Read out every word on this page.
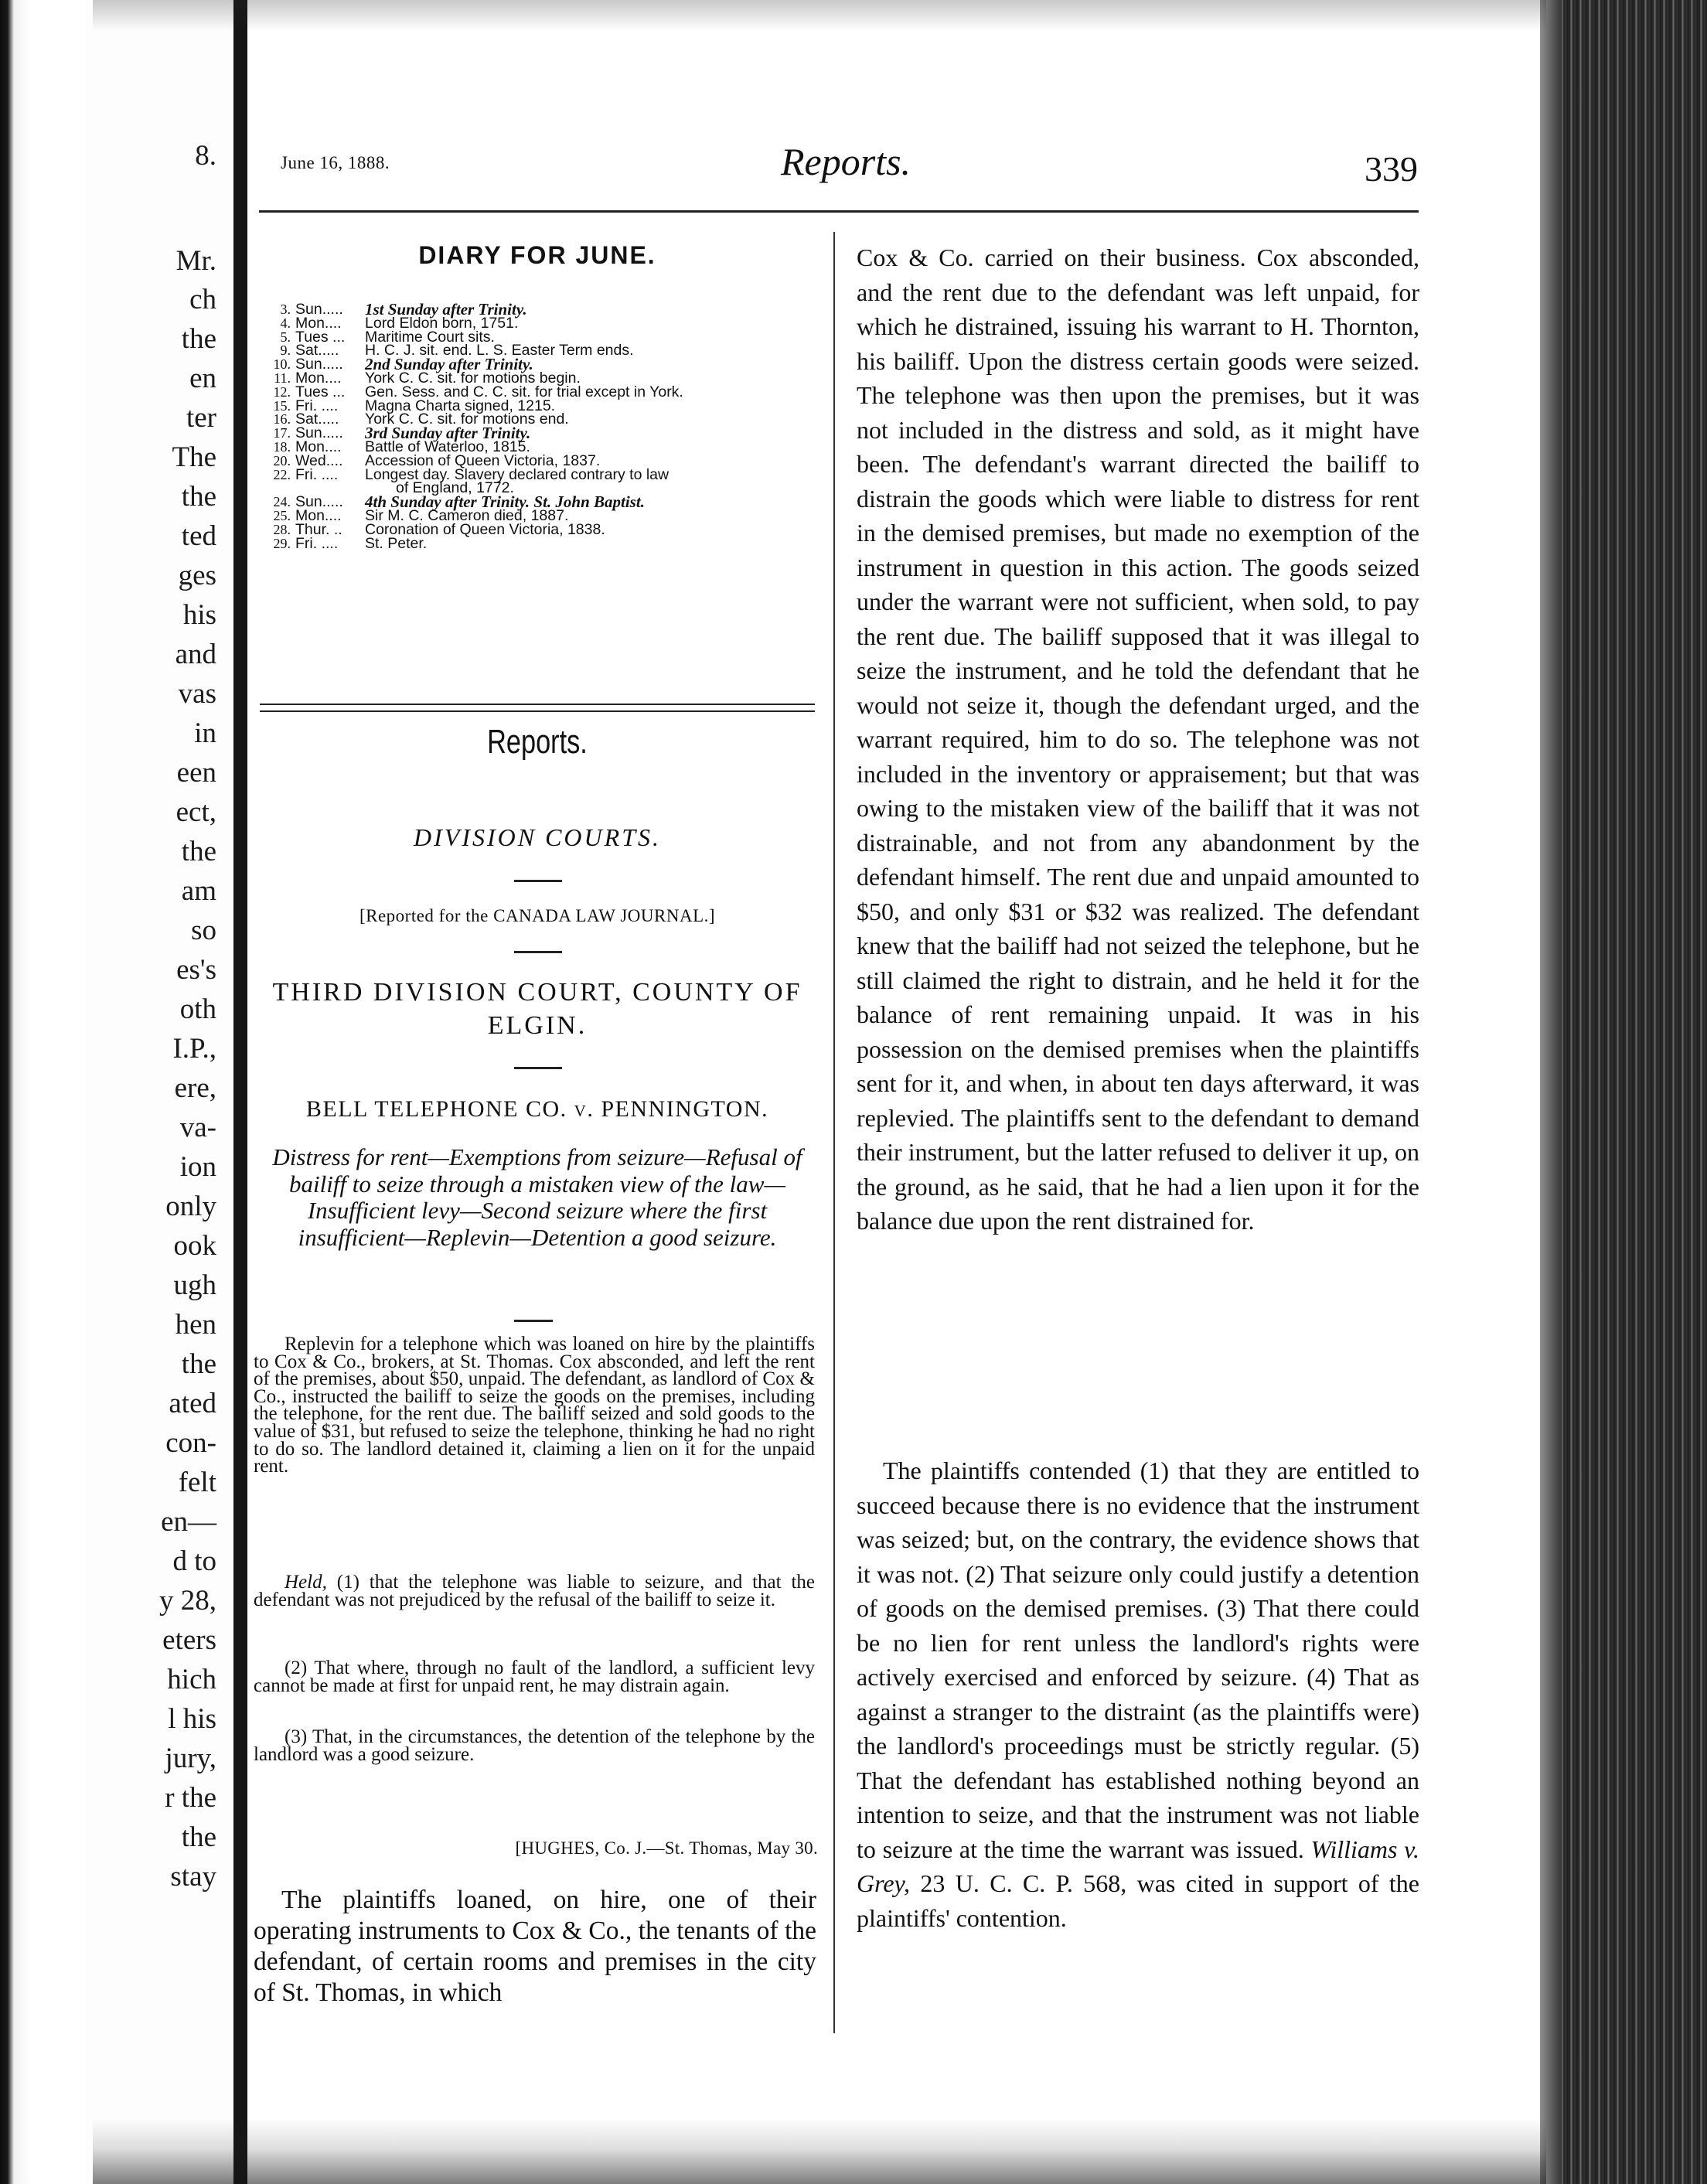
8.
Mr.
ch
the
en
ter
The
the
ted
ges
his
and
vas
in
een
ect,
the
am
so
es's
oth
I.P.,
ere,
va-
ion
only
ook
ugh
hen
the
ated
con-
felt
en—
d to
y 28,
eters
hich
l his
jury,
r the
the
stay
June 16, 1888.	Reports.	339
DIARY FOR JUNE.
3. Sun.....	1st Sunday after Trinity.
4. Mon....	Lord Eldon born, 1751.
5. Tues ...	Maritime Court sits.
9. Sat.....	H. C. J. sit. end. L. S. Easter Term ends.
10. Sun.....	2nd Sunday after Trinity.
11. Mon....	York C. C. sit. for motions begin.
12. Tues ...	Gen. Sess. and C. C. sit. for trial except in York.
15. Fri. ....	Magna Charta signed, 1215.
16. Sat.....	York C. C. sit. for motions end.
17. Sun.....	3rd Sunday after Trinity.
18. Mon....	Battle of Waterloo, 1815.
20. Wed....	Accession of Queen Victoria, 1837.
22. Fri. ....	Longest day. Slavery declared contrary to law
of England, 1772.
24. Sun.....	4th Sunday after Trinity. St. John Baptist.
25. Mon....	Sir M. C. Cameron died, 1887.
28. Thur. ..	Coronation of Queen Victoria, 1838.
29. Fri. ....	St. Peter.
Reports.
DIVISION COURTS.
[Reported for the CANADA LAW JOURNAL.]
THIRD DIVISION COURT, COUNTY OF ELGIN.
BELL TELEPHONE CO. v. PENNINGTON.
Distress for rent—Exemptions from seizure—Refusal of bailiff to seize through a mistaken view of the law—Insufficient levy—Second seizure where the first insufficient—Replevin—Detention a good seizure.
Replevin for a telephone which was loaned on hire by the plaintiffs to Cox & Co., brokers, at St. Thomas. Cox absconded, and left the rent of the premises, about $50, unpaid. The defendant, as landlord of Cox & Co., instructed the bailiff to seize the goods on the premises, including the telephone, for the rent due. The bailiff seized and sold goods to the value of $31, but refused to seize the telephone, thinking he had no right to do so. The landlord detained it, claiming a lien on it for the unpaid rent.
Held, (1) that the telephone was liable to seizure, and that the defendant was not prejudiced by the refusal of the bailiff to seize it.
(2) That where, through no fault of the landlord, a sufficient levy cannot be made at first for unpaid rent, he may distrain again.
(3) That, in the circumstances, the detention of the telephone by the landlord was a good seizure.
[HUGHES, Co. J.—St. Thomas, May 30.
The plaintiffs loaned, on hire, one of their operating instruments to Cox & Co., the tenants of the defendant, of certain rooms and premises in the city of St. Thomas, in which

Cox & Co. carried on their business. Cox absconded, and the rent due to the defendant was left unpaid, for which he distrained, issuing his warrant to H. Thornton, his bailiff. Upon the distress certain goods were seized. The telephone was then upon the premises, but it was not included in the distress and sold, as it might have been. The defendant's warrant directed the bailiff to distrain the goods which were liable to distress for rent in the demised premises, but made no exemption of the instrument in question in this action. The goods seized under the warrant were not sufficient, when sold, to pay the rent due. The bailiff supposed that it was illegal to seize the instrument, and he told the defendant that he would not seize it, though the defendant urged, and the warrant required, him to do so. The telephone was not included in the inventory or appraisement; but that was owing to the mistaken view of the bailiff that it was not distrainable, and not from any abandonment by the defendant himself. The rent due and unpaid amounted to $50, and only $31 or $32 was realized. The defendant knew that the bailiff had not seized the telephone, but he still claimed the right to distrain, and he held it for the balance of rent remaining unpaid. It was in his possession on the demised premises when the plaintiffs sent for it, and when, in about ten days afterward, it was replevied. The plaintiffs sent to the defendant to demand their instrument, but the latter refused to deliver it up, on the ground, as he said, that he had a lien upon it for the balance due upon the rent distrained for.

The plaintiffs contended (1) that they are entitled to succeed because there is no evidence that the instrument was seized; but, on the contrary, the evidence shows that it was not. (2) That seizure only could justify a detention of goods on the demised premises. (3) That there could be no lien for rent unless the landlord's rights were actively exercised and enforced by seizure. (4) That as against a stranger to the distraint (as the plaintiffs were) the landlord's proceedings must be strictly regular. (5) That the defendant has established nothing beyond an intention to seize, and that the instrument was not liable to seizure at the time the warrant was issued. Williams v. Grey, 23 U. C. C. P. 568, was cited in support of the plaintiffs' contention.
